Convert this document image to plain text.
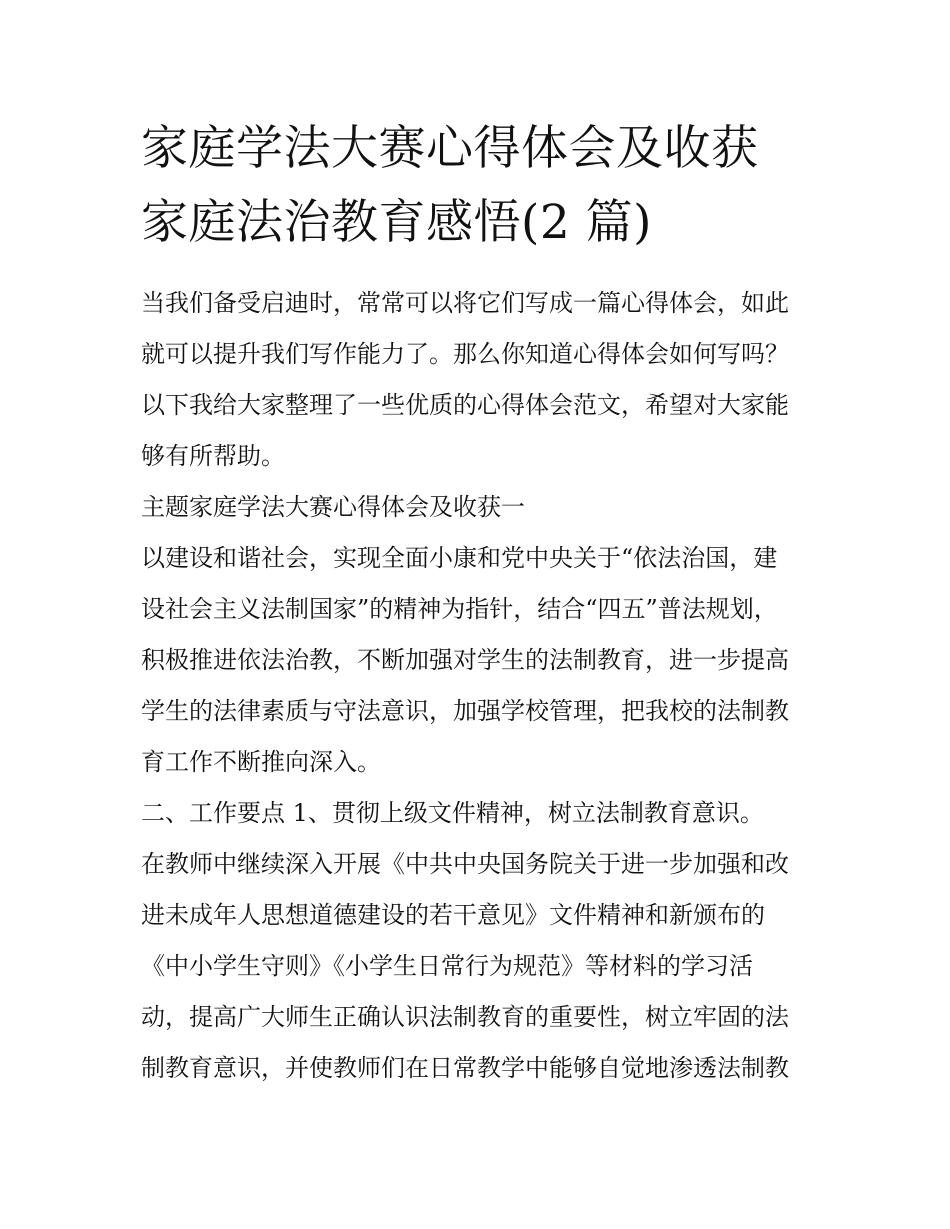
家庭学法大赛心得体会及收获
家庭法治教育感悟(2 篇)
当我们备受启迪时，常常可以将它们写成一篇心得体会，如此
就可以提升我们写作能力了。那么你知道心得体会如何写吗？
以下我给大家整理了一些优质的心得体会范文，希望对大家能
够有所帮助。
主题家庭学法大赛心得体会及收获一
以建设和谐社会，实现全面小康和党中央关于“依法治国，建
设社会主义法制国家”的精神为指针，结合“四五”普法规划，
积极推进依法治教，不断加强对学生的法制教育，进一步提高
学生的法律素质与守法意识，加强学校管理，把我校的法制教
育工作不断推向深入。
二、工作要点 1、贯彻上级文件精神，树立法制教育意识。
在教师中继续深入开展《中共中央国务院关于进一步加强和改
进未成年人思想道德建设的若干意见》文件精神和新颁布的
《中小学生守则》《小学生日常行为规范》等材料的学习活
动，提高广大师生正确认识法制教育的重要性，树立牢固的法
制教育意识，并使教师们在日常教学中能够自觉地渗透法制教
